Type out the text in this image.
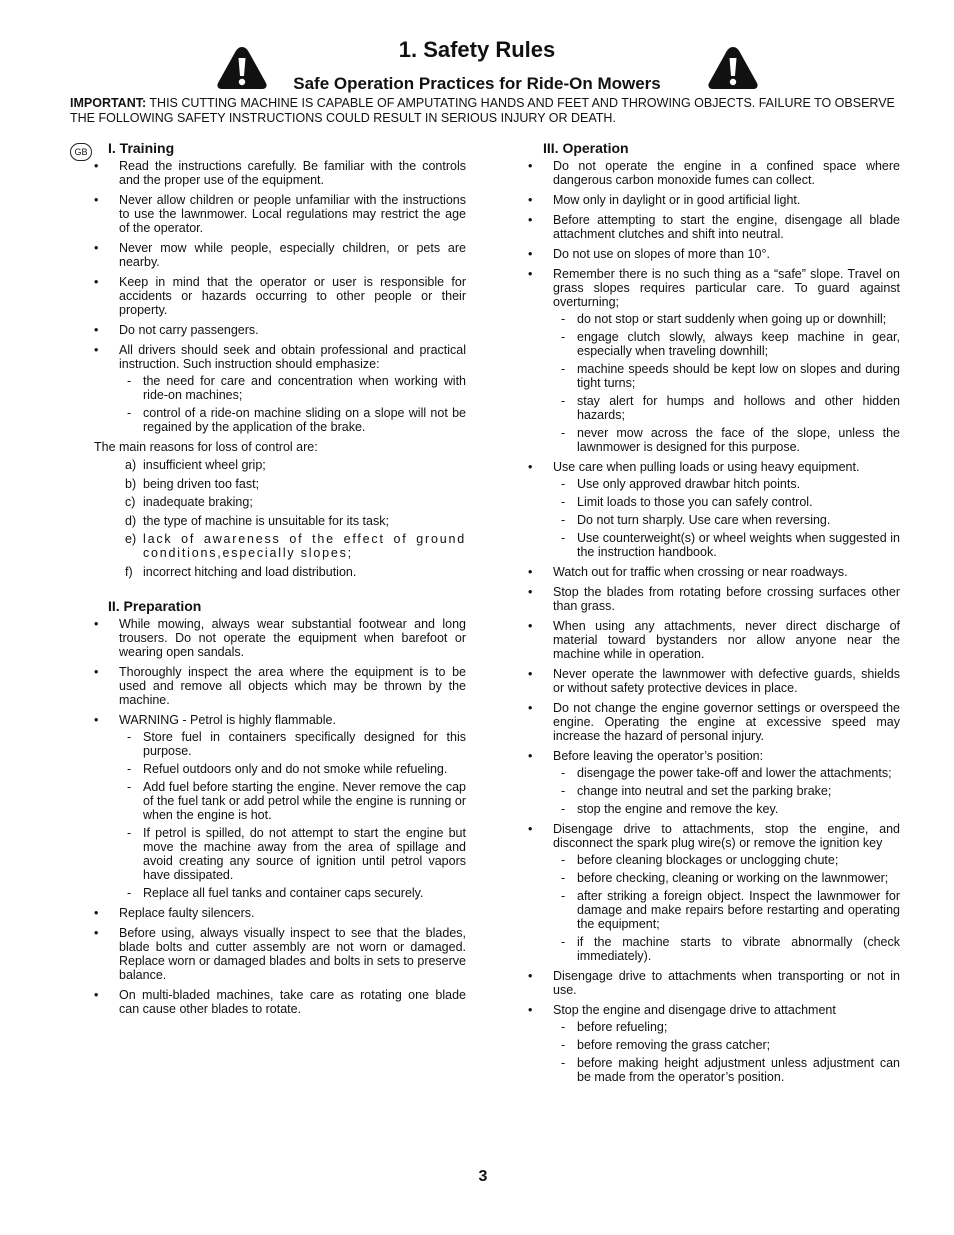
1. Safety Rules
Safe Operation Practices for Ride-On Mowers

IMPORTANT: THIS CUTTING MACHINE IS CAPABLE OF AMPUTATING HANDS AND FEET AND THROWING OBJECTS. FAILURE TO OBSERVE THE FOLLOWING SAFETY INSTRUCTIONS COULD RESULT IN SERIOUS INJURY OR DEATH.

GB	I. Training
Read the instructions carefully. Be familiar with the controls and the proper use of the equipment.
Never allow children or people unfamiliar with the instructions to use the lawnmower. Local regulations may restrict the age of the operator.
Never mow while people, especially children, or pets are nearby.
Keep in mind that the operator or user is responsible for accidents or hazards occurring to other people or their property.
Do not carry passengers.
All drivers should seek and obtain professional and practical instruction. Such instruction should emphasize:
- the need for care and concentration when working with ride-on machines;
- control of a ride-on machine sliding on a slope will not be regained by the application of the brake.

The main reasons for loss of control are:

a) insufficient wheel grip;
b) being driven too fast;
c) inadequate braking;
d) the type of machine is unsuitable for its task;
e) lack of awareness of the effect of ground conditions,especially slopes;
f) incorrect hitching and load distribution.
II. Preparation
While mowing, always wear substantial footwear and long trousers. Do not operate the equipment when barefoot or wearing open sandals.
Thoroughly inspect the area where the equipment is to be used and remove all objects which may be thrown by the machine.
WARNING - Petrol is highly flammable.
- Store fuel in containers specifically designed for this purpose.
- Refuel outdoors only and do not smoke while refueling.
- Add fuel before starting the engine. Never remove the cap of the fuel tank or add petrol while the engine is running or when the engine is hot.
- If petrol is spilled, do not attempt to start the engine but move the machine away from the area of spillage and avoid creating any source of ignition until petrol vapors have dissipated.
- Replace all fuel tanks and container caps securely.
Replace faulty silencers.
Before using, always visually inspect to see that the blades, blade bolts and cutter assembly are not worn or damaged. Replace worn or damaged blades and bolts in sets to preserve balance.
On multi-bladed machines, take care as rotating one blade can cause other blades to rotate.
III. Operation
Do not operate the engine in a confined space where dangerous carbon monoxide fumes can collect.
Mow only in daylight or in good artificial light.
Before attempting to start the engine, disengage all blade attachment clutches and shift into neutral.
Do not use on slopes of more than 10°.
Remember there is no such thing as a “safe” slope. Travel on grass slopes requires particular care. To guard against overturning;
- do not stop or start suddenly when going up or downhill;
- engage clutch slowly, always keep machine in gear, especially when traveling downhill;
- machine speeds should be kept low on slopes and during tight turns;
- stay alert for humps and hollows and other hidden hazards;
- never mow across the face of the slope, unless the lawnmower is designed for this purpose.
Use care when pulling loads or using heavy equipment.
- Use only approved drawbar hitch points.
- Limit loads to those you can safely control.
- Do not turn sharply. Use care when reversing.
- Use counterweight(s) or wheel weights when suggested in the instruction handbook.
Watch out for traffic when crossing or near roadways.
Stop the blades from rotating before crossing surfaces other than grass.
When using any attachments, never direct discharge of material toward bystanders nor allow anyone near the machine while in operation.
Never operate the lawnmower with defective guards, shields or without safety protective devices in place.
Do not change the engine governor settings or overspeed the engine. Operating the engine at excessive speed may increase the hazard of personal injury.
Before leaving the operator’s position:
- disengage the power take-off and lower the attachments;
- change into neutral and set the parking brake;
- stop the engine and remove the key.
Disengage drive to attachments, stop the engine, and disconnect the spark plug wire(s) or remove the ignition key
- before cleaning blockages or unclogging chute;
- before checking, cleaning or working on the lawnmower;
- after striking a foreign object. Inspect the lawnmower for damage and make repairs before restarting and operating the equipment;
- if the machine starts to vibrate abnormally (check immediately).
Disengage drive to attachments when transporting or not in use.
Stop the engine and disengage drive to attachment
- before refueling;
- before removing the grass catcher;
- before making height adjustment unless adjustment can be made from the operator’s position.
3
